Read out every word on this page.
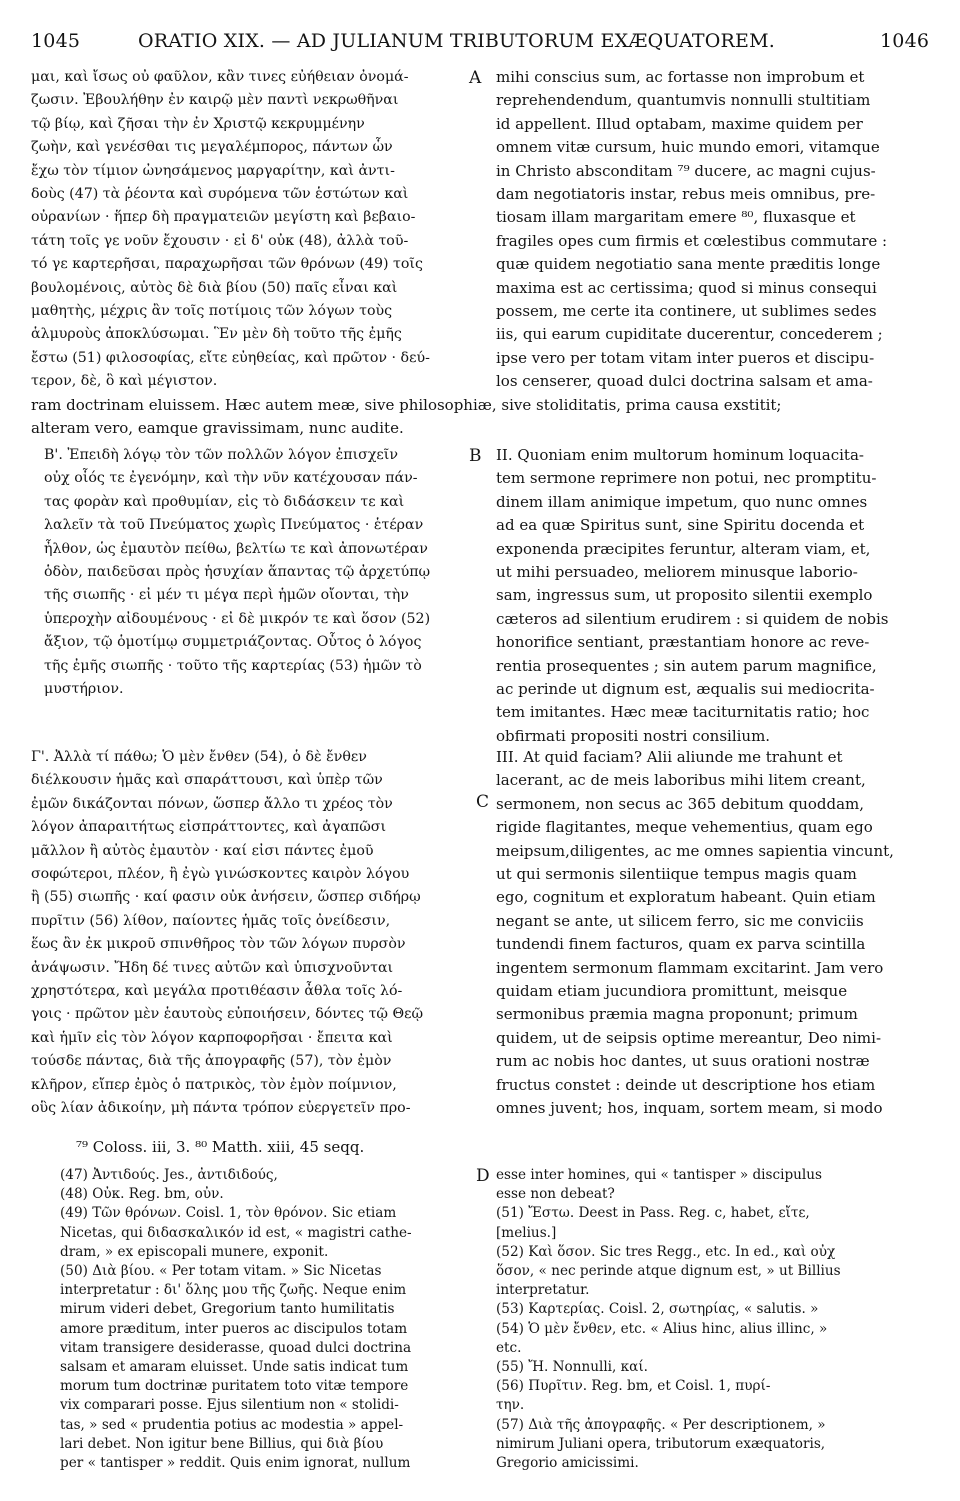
1045	ORATIO XIX. — AD JULIANUM TRIBUTORUM EXÆQUATOREM.	1046
μαι, καὶ ἴσως οὐ φαῦλον, κἂν τινες εὐήθειαν ὀνομά-
ζωσιν. Ἐβουλήθην ἐν καιρῷ μὲν παντὶ νεκρωθῆναι
τῷ βίῳ, καὶ ζῆσαι τὴν ἐν Χριστῷ κεκρυμμένην
ζωὴν, καὶ γενέσθαι τις μεγαλέμπορος, πάντων ὧν
ἔχω τὸν τίμιον ὠνησάμενος μαργαρίτην, καὶ ἀντι-
δοὺς (47) τὰ ῥέοντα καὶ συρόμενα τῶν ἑστώτων καὶ
οὐρανίων · ἥπερ δὴ πραγματειῶν μεγίστη καὶ βεβαιο-
τάτη τοῖς γε νοῦν ἔχουσιν · εἰ δ' οὐκ (48), ἀλλὰ τοῦ-
τό γε καρτερῆσαι, παραχωρῆσαι τῶν θρόνων (49) τοῖς
βουλομένοις, αὐτὸς δὲ διὰ βίου (50) παῖς εἶναι καὶ
μαθητὴς, μέχρις ἂν τοῖς ποτίμοις τῶν λόγων τοὺς
ἁλμυροὺς ἀποκλύσωμαι. Ἓν μὲν δὴ τοῦτο τῆς ἐμῆς
ἔστω (51) φιλοσοφίας, εἴτε εὐηθείας, καὶ πρῶτον · δεύ-
τερον, δὲ, ὃ καὶ μέγιστον.
A mihi conscius sum, ac fortasse non improbum et
reprehendendum, quantumvis nonnulli stultitiam
id appellent. Illud optabam, maxime quidem per
omnem vitæ cursum, huic mundo emori, vitamque
in Christo absconditam ⁷⁹ ducere, ac magni cujus-
dam negotiatoris instar, rebus meis omnibus, pre-
tiosam illam margaritam emere ⁸⁰, fluxasque et
fragiles opes cum firmis et cœlestibus commutare :
quæ quidem negotiatio sana mente præditis longe
maxima est ac certissima; quod si minus consequi
possem, me certe ita continere, ut sublimes sedes
iis, qui earum cupiditate ducerentur, concederem ;
ipse vero per totam vitam inter pueros et discipu-
los censerer, quoad dulci doctrina salsam et ama-
ram doctrinam eluissem. Hæc autem meæ, sive philosophiæ, sive stoliditatis, prima causa exstitit;
alteram vero, eamque gravissimam, nunc audite.
Β'. Ἐπειδὴ λόγῳ τὸν τῶν πολλῶν λόγον ἐπισχεῖν
οὐχ οἷός τε ἐγενόμην, καὶ τὴν νῦν κατέχουσαν πάν-
τας φορὰν καὶ προθυμίαν, εἰς τὸ διδάσκειν τε καὶ
λαλεῖν τὰ τοῦ Πνεύματος χωρὶς Πνεύματος · ἑτέραν
ἦλθον, ὡς ἐμαυτὸν πείθω, βελτίω τε καὶ ἀπονωτέραν
ὁδὸν, παιδεῦσαι πρὸς ἡσυχίαν ἅπαντας τῷ ἀρχετύπῳ
τῆς σιωπῆς · εἰ μέν τι μέγα περὶ ἡμῶν οἴονται, τὴν
ὑπεροχὴν αἰδουμένους · εἰ δὲ μικρόν τε καὶ ὅσον (52)
ἄξιον, τῷ ὁμοτίμῳ συμμετριάζοντας. Οὗτος ὁ λόγος
τῆς ἐμῆς σιωπῆς · τοῦτο τῆς καρτερίας (53) ἡμῶν τὸ
μυστήριον.
B II. Quoniam enim multorum hominum loquacita-
tem sermone reprimere non potui, nec promptitu-
dinem illam animique impetum, quo nunc omnes
ad ea quæ Spiritus sunt, sine Spiritu docenda et
exponenda præcipites feruntur, alteram viam, et,
ut mihi persuadeo, meliorem minusque laborio-
sam, ingressus sum, ut proposito silentii exemplo
cæteros ad silentium erudirem : si quidem de nobis
honorifice sentiant, præstantiam honore ac reve-
rentia prosequentes ; sin autem parum magnifice,
ac perinde ut dignum est, æqualis sui mediocrita-
tem imitantes. Hæc meæ taciturnitatis ratio; hoc
obfirmati propositi nostri consilium.
Γ'. Ἀλλὰ τί πάθω; Ὁ μὲν ἔνθεν (54), ὁ δὲ ἔνθεν
διέλκουσιν ἡμᾶς καὶ σπαράττουσι, καὶ ὑπὲρ τῶν
ἐμῶν δικάζονται πόνων, ὥσπερ ἄλλο τι χρέος τὸν
λόγον ἀπαραιτήτως εἰσπράττοντες, καὶ ἀγαπῶσι
μᾶλλον ἢ αὐτὸς ἐμαυτὸν · καί εἰσι πάντες ἐμοῦ
σοφώτεροι, πλέον, ἢ ἐγὼ γινώσκοντες καιρὸν λόγου
ἢ (55) σιωπῆς · καί φασιν οὐκ ἀνήσειν, ὥσπερ σιδήρῳ
πυρῖτιν (56) λίθον, παίοντες ἡμᾶς τοῖς ὀνείδεσιν,
ἕως ἂν ἐκ μικροῦ σπινθῆρος τὸν τῶν λόγων πυρσὸν
ἀνάψωσιν. Ἤδη δέ τινες αὐτῶν καὶ ὑπισχνοῦνται
χρηστότερα, καὶ μεγάλα προτιθέασιν ἆθλα τοῖς λό-
γοις · πρῶτον μὲν ἑαυτοὺς εὐποιήσειν, δόντες τῷ Θεῷ
καὶ ἡμῖν εἰς τὸν λόγον καρποφορῆσαι · ἔπειτα καὶ
τούσδε πάντας, διὰ τῆς ἀπογραφῆς (57), τὸν ἐμὸν
κλῆρον, εἴπερ ἐμὸς ὁ πατρικὸς, τὸν ἐμὸν ποίμνιον,
οὓς λίαν ἀδικοίην, μὴ πάντα τρόπον εὐεργετεῖν προ-
C
III. At quid faciam? Alii aliunde me trahunt et
lacerant, ac de meis laboribus mihi litem creant,
sermonem, non secus ac 365 debitum quoddam,
rigide flagitantes, meque vehementius, quam ego
meipsum,diligentes, ac me omnes sapientia vincunt,
ut qui sermonis silentiique tempus magis quam
ego, cognitum et exploratum habeant. Quin etiam
negant se ante, ut silicem ferro, sic me conviciis
tundendi finem facturos, quam ex parva scintilla
ingentem sermonum flammam excitarint. Jam vero
quidam etiam jucundiora promittunt, meisque
sermonibus præmia magna proponunt; primum
quidem, ut de seipsis optime mereantur, Deo nimi-
rum ac nobis hoc dantes, ut suus orationi nostræ
fructus constet : deinde ut descriptione hos etiam
omnes juvent; hos, inquam, sortem meam, si modo
⁷⁹ Coloss. iii, 3. ⁸⁰ Matth. xiii, 45 seqq.
(47) Ἀντιδούς. Jes., ἀντιδιδούς,
(48) Οὐκ. Reg. bm, οὐν.
(49) Τῶν θρόνων. Coisl. 1, τὸν θρόνον. Sic etiam
Nicetas, qui διδασκαλικόν id est, « magistri cathe-
dram, » ex episcopali munere, exponit.
(50) Διὰ βίου. « Per totam vitam. » Sic Nicetas
interpretatur : δι' ὅλης μου τῆς ζωῆς. Neque enim
mirum videri debet, Gregorium tanto humilitatis
amore præditum, inter pueros ac discipulos totam
vitam transigere desiderasse, quoad dulci doctrina
salsam et amaram eluisset. Unde satis indicat tum
morum tum doctrinæ puritatem toto vitæ tempore
vix comparari posse. Ejus silentium non « stolidi-
tas, » sed « prudentia potius ac modestia » appel-
lari debet. Non igitur bene Billius, qui διὰ βίου
per « tantisper » reddit. Quis enim ignorat, nullum
D esse inter homines, qui « tantisper » discipulus
esse non debeat?
(51) Ἔστω. Deest in Pass. Reg. c, habet, εἴτε,
[melius.]
(52) Καὶ ὅσον. Sic tres Regg., etc. In ed., καὶ οὐχ
ὅσον, « nec perinde atque dignum est, » ut Billius
interpretatur.
(53) Καρτερίας. Coisl. 2, σωτηρίας, « salutis. »
(54) Ὁ μὲν ἔνθεν, etc. « Alius hinc, alius illinc, »
etc.
(55) Ἤ. Nonnulli, καί.
(56) Πυρῖτιν. Reg. bm, et Coisl. 1, πυρί-
την.
(57) Διὰ τῆς ἀπογραφῆς. « Per descriptionem, »
nimirum Juliani opera, tributorum exæquatoris,
Gregorio amicissimi.
